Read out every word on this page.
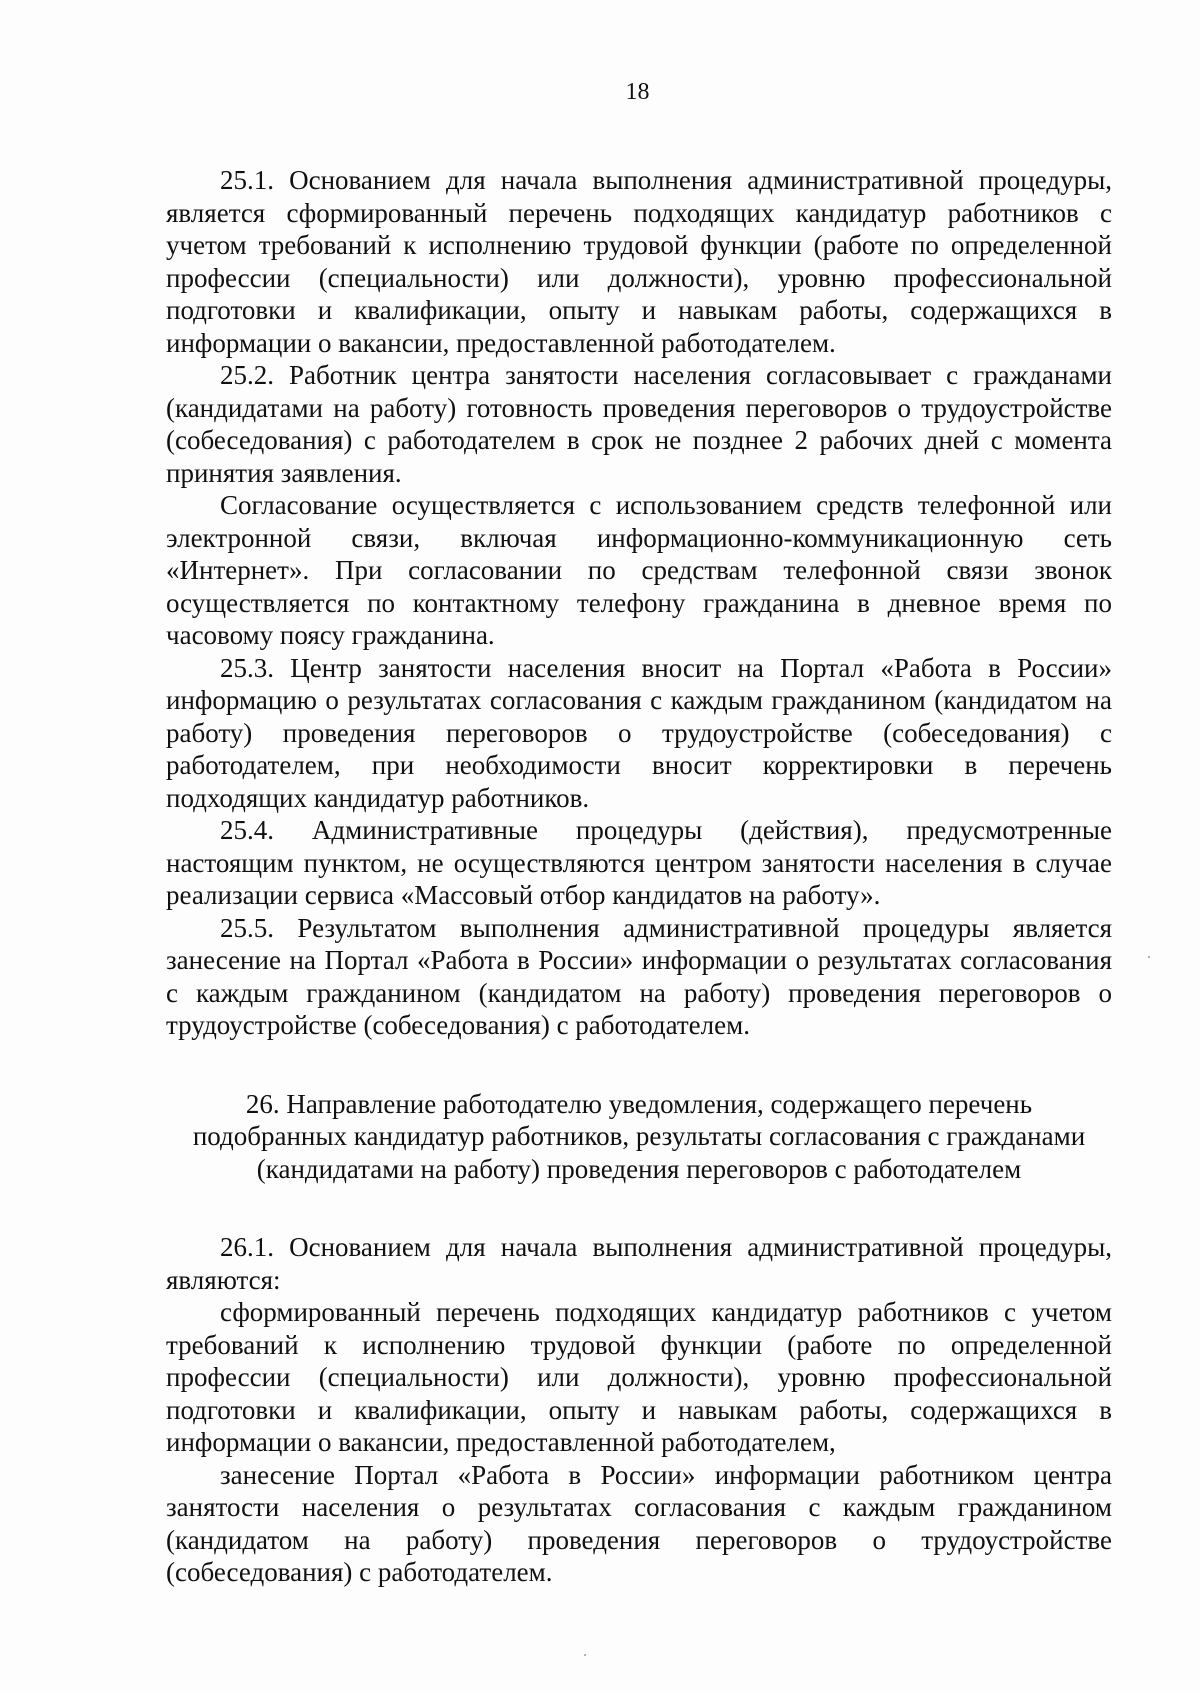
18

25.1. Основанием для начала выполнения административной процедуры, является сформированный перечень подходящих кандидатур работников с учетом требований к исполнению трудовой функции (работе по определенной профессии (специальности) или должности), уровню профессиональной подготовки и квалификации, опыту и навыкам работы, содержащихся в информации о вакансии, предоставленной работодателем.

25.2. Работник центра занятости населения согласовывает с гражданами (кандидатами на работу) готовность проведения переговоров о трудоустройстве (собеседования) с работодателем в срок не позднее 2 рабочих дней с момента принятия заявления.

Согласование осуществляется с использованием средств телефонной или электронной связи, включая информационно-коммуникационную сеть «Интернет». При согласовании по средствам телефонной связи звонок осуществляется по контактному телефону гражданина в дневное время по часовому поясу гражданина.

25.3. Центр занятости населения вносит на Портал «Работа в России» информацию о результатах согласования с каждым гражданином (кандидатом на работу) проведения переговоров о трудоустройстве (собеседования) с работодателем, при необходимости вносит корректировки в перечень подходящих кандидатур работников.

25.4. Административные процедуры (действия), предусмотренные настоящим пунктом, не осуществляются центром занятости населения в случае реализации сервиса «Массовый отбор кандидатов на работу».

25.5. Результатом выполнения административной процедуры является занесение на Портал «Работа в России» информации о результатах согласования с каждым гражданином (кандидатом на работу) проведения переговоров о трудоустройстве (собеседования) с работодателем.

26. Направление работодателю уведомления, содержащего перечень
подобранных кандидатур работников, результаты согласования с гражданами
(кандидатами на работу) проведения переговоров с работодателем

26.1. Основанием для начала выполнения административной процедуры, являются:

сформированный перечень подходящих кандидатур работников с учетом требований к исполнению трудовой функции (работе по определенной профессии (специальности) или должности), уровню профессиональной подготовки и квалификации, опыту и навыкам работы, содержащихся в информации о вакансии, предоставленной работодателем,

занесение Портал «Работа в России» информации работником центра занятости населения о результатах согласования с каждым гражданином (кандидатом на работу) проведения переговоров о трудоустройстве (собеседования) с работодателем.
